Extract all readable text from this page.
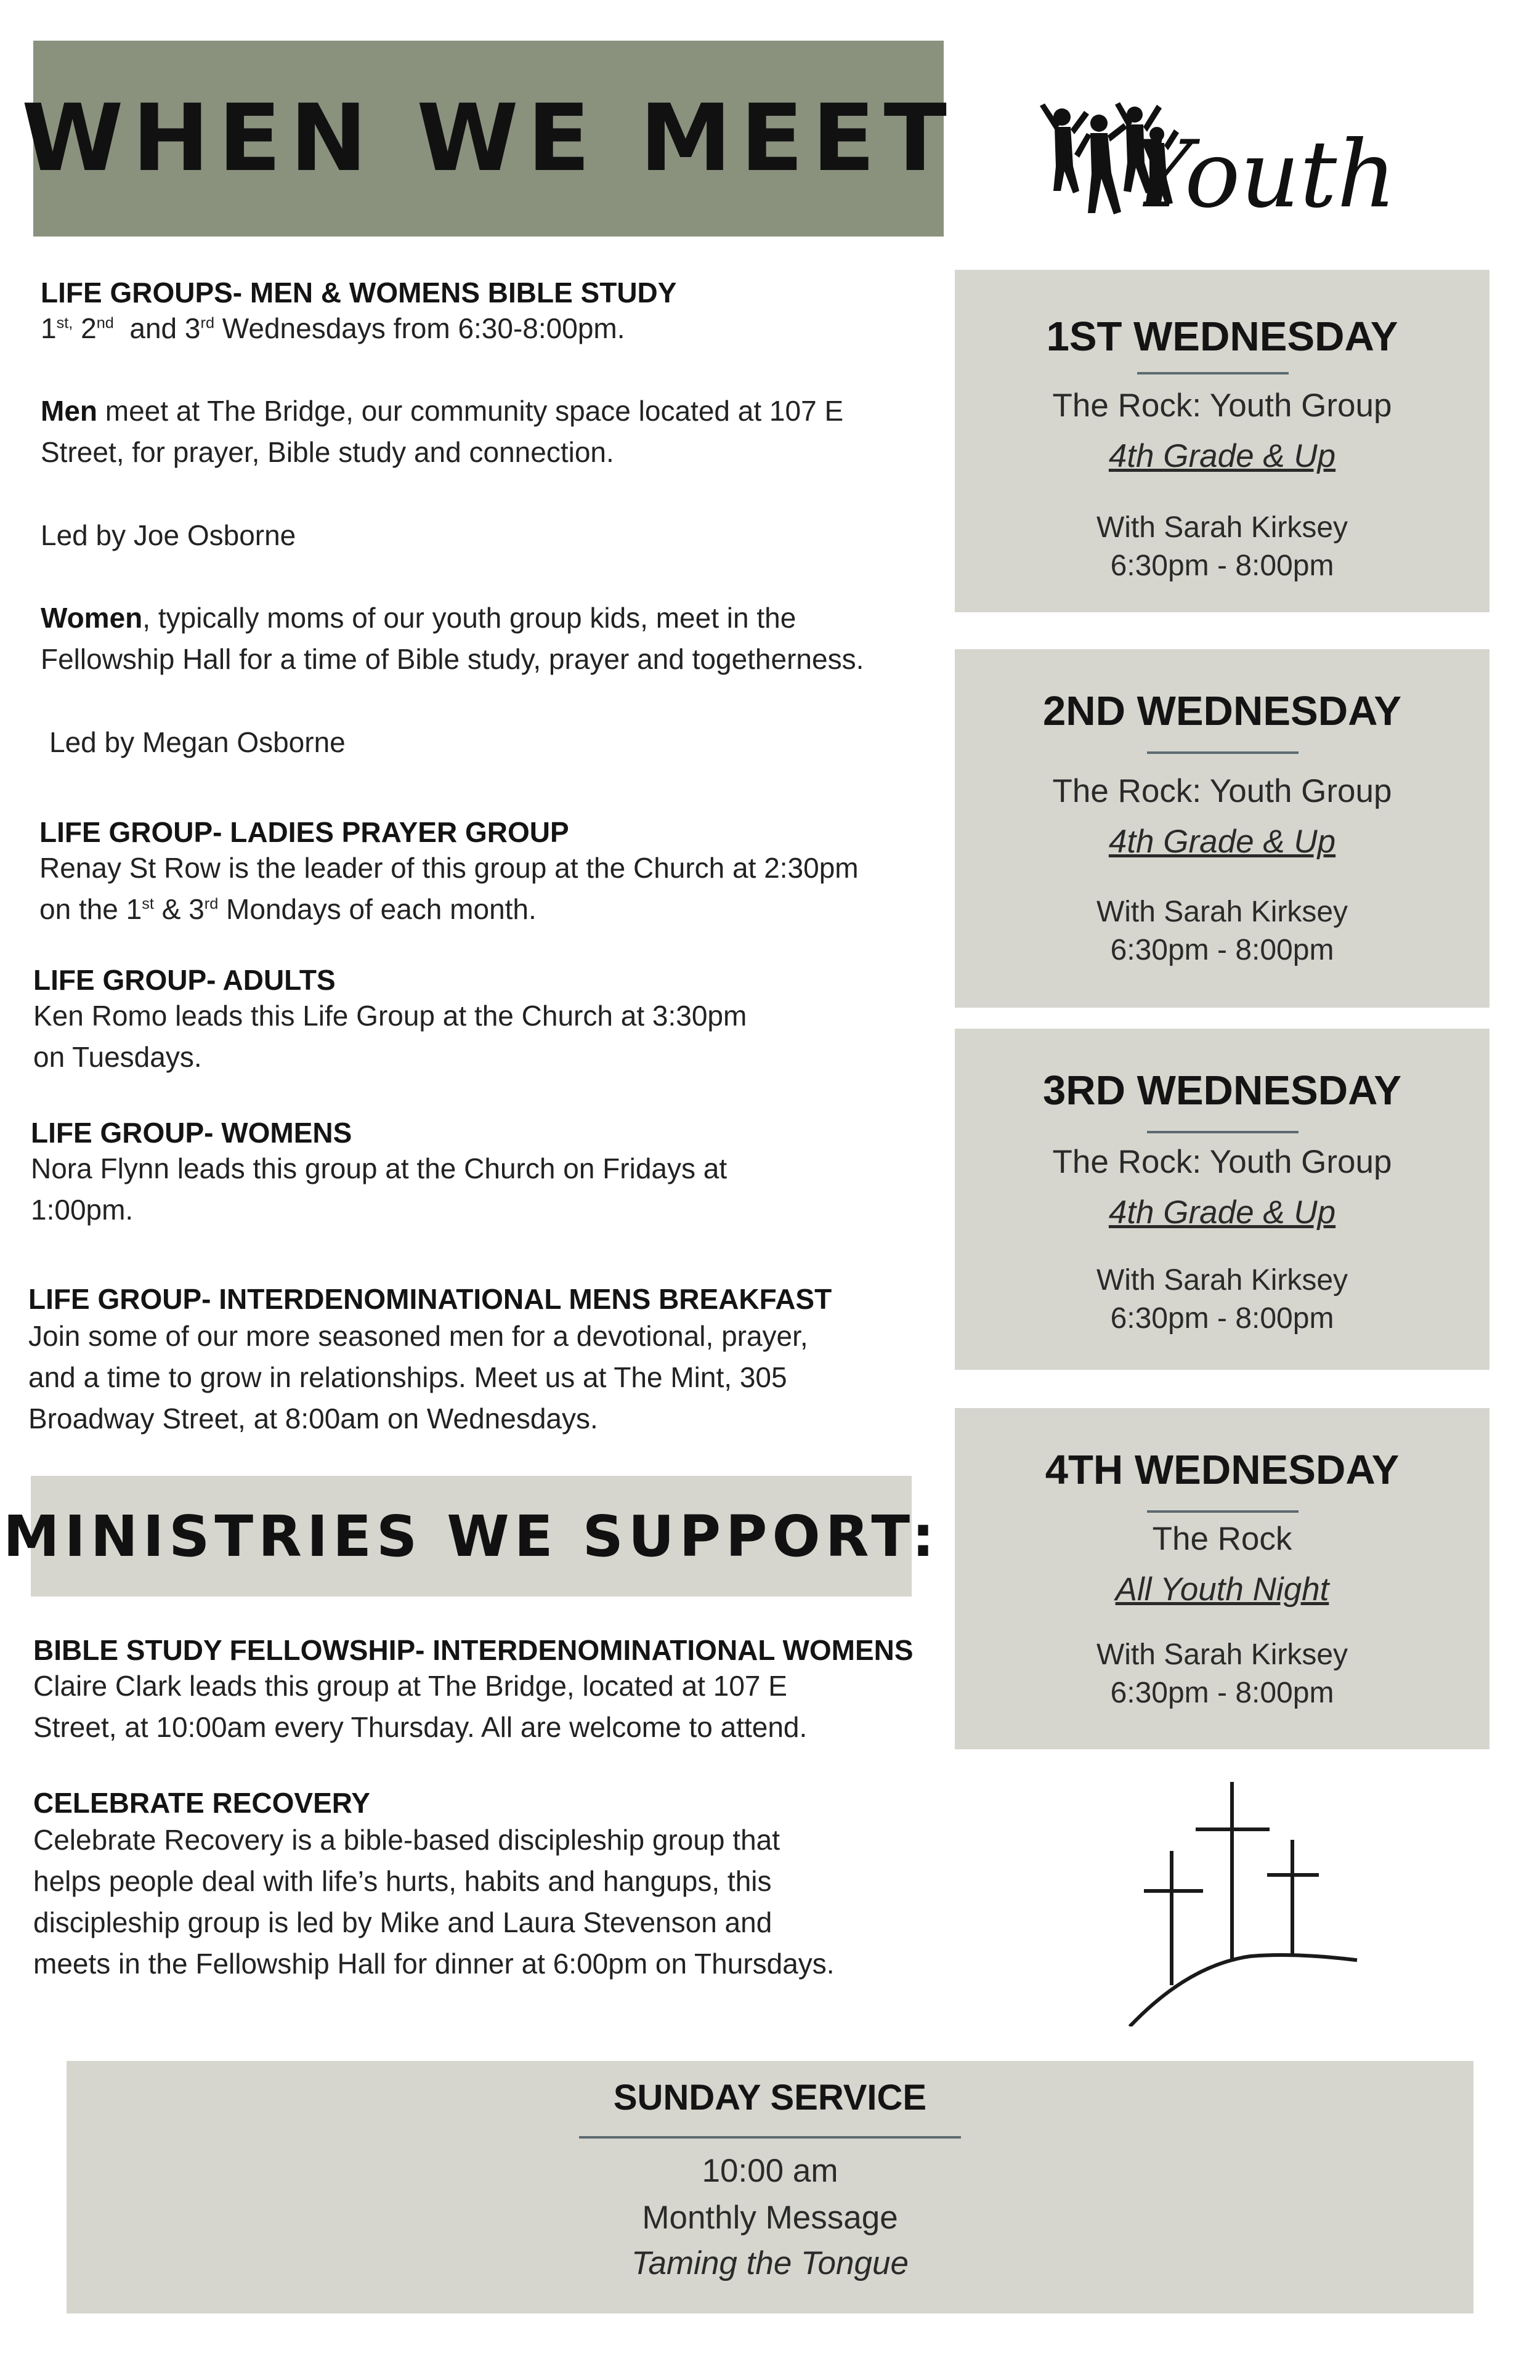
WHEN WE MEET Youth
LIFE GROUPS- MEN & WOMENS BIBLE STUDY
$1^{st,}$ 2nd  and 3rd Wednesdays from 6:30-8:00pm.
Men meet at The Bridge, our community space located at 107 E Street, for prayer, Bible study and connection.
Led by Joe Osborne
Women, typically moms of our youth group kids, meet in the Fellowship Hall for a time of Bible study, prayer and togetherness.
Led by Megan Osborne
LIFE GROUP- LADIES PRAYER GROUP
Renay St Row is the leader of this group at the Church at 2:30pm
on the 1st & 3rd Mondays of each month.
LIFE GROUP- ADULTS
Ken Romo leads this Life Group at the Church at 3:30pm
on Tuesdays.
LIFE GROUP- WOMENS
Nora Flynn leads this group at the Church on Fridays at
1:00pm.
LIFE GROUP- INTERDENOMINATIONAL MENS BREAKFAST
Join some of our more seasoned men for a devotional, prayer,
and a time to grow in relationships. Meet us at The Mint, 305
Broadway Street, at 8:00am on Wednesdays.
MINISTRIES WE SUPPORT:
BIBLE STUDY FELLOWSHIP- INTERDENOMINATIONAL WOMENS
Claire Clark leads this group at The Bridge, located at 107 E
Street, at 10:00am every Thursday. All are welcome to attend.
CELEBRATE RECOVERY
Celebrate Recovery is a bible-based discipleship group that
helps people deal with life’s hurts, habits and hangups, this
discipleship group is led by Mike and Laura Stevenson and
meets in the Fellowship Hall for dinner at 6:00pm on Thursdays.
1ST WEDNESDAY
The Rock: Youth Group
4th Grade & Up
With Sarah Kirksey
6:30pm - 8:00pm
2ND WEDNESDAY
The Rock: Youth Group
4th Grade & Up
With Sarah Kirksey
6:30pm - 8:00pm
3RD WEDNESDAY
The Rock: Youth Group
4th Grade & Up
With Sarah Kirksey
6:30pm - 8:00pm
4TH WEDNESDAY
The Rock
All Youth Night
With Sarah Kirksey
6:30pm - 8:00pm
SUNDAY SERVICE
10:00 am
Monthly Message
Taming the Tongue
